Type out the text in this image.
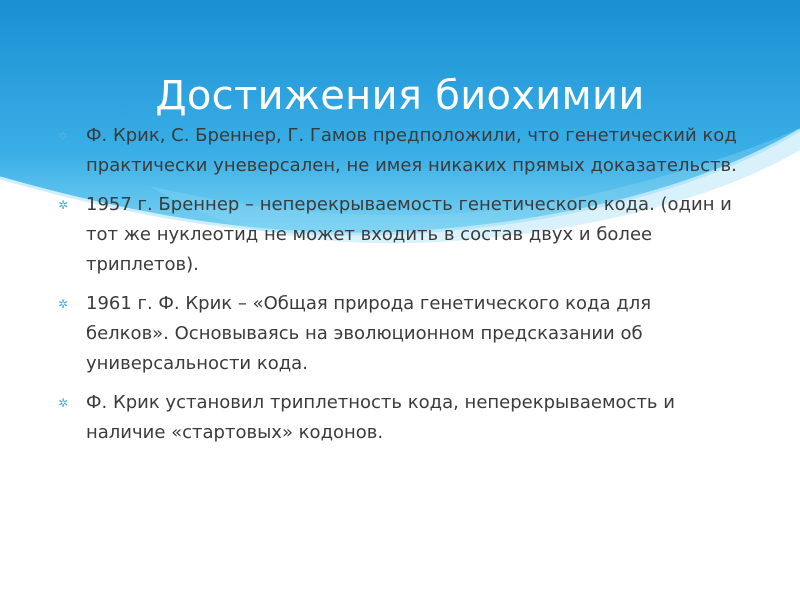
Достижения биохимии
✲ Ф. Крик, С. Бреннер, Г. Гамов предположили, что генетический код практически уневерсален, не имея никаких прямых доказательств.
✲ 1957 г. Бреннер – неперекрываемость генетического кода. (один и тот же нуклеотид не может входить в состав двух и более триплетов).
✲ 1961 г. Ф. Крик – «Общая природа генетического кода для белков». Основываясь на эволюционном предсказании об универсальности кода.
✲ Ф. Крик установил триплетность кода, неперекрываемость и наличие «стартовых» кодонов.
